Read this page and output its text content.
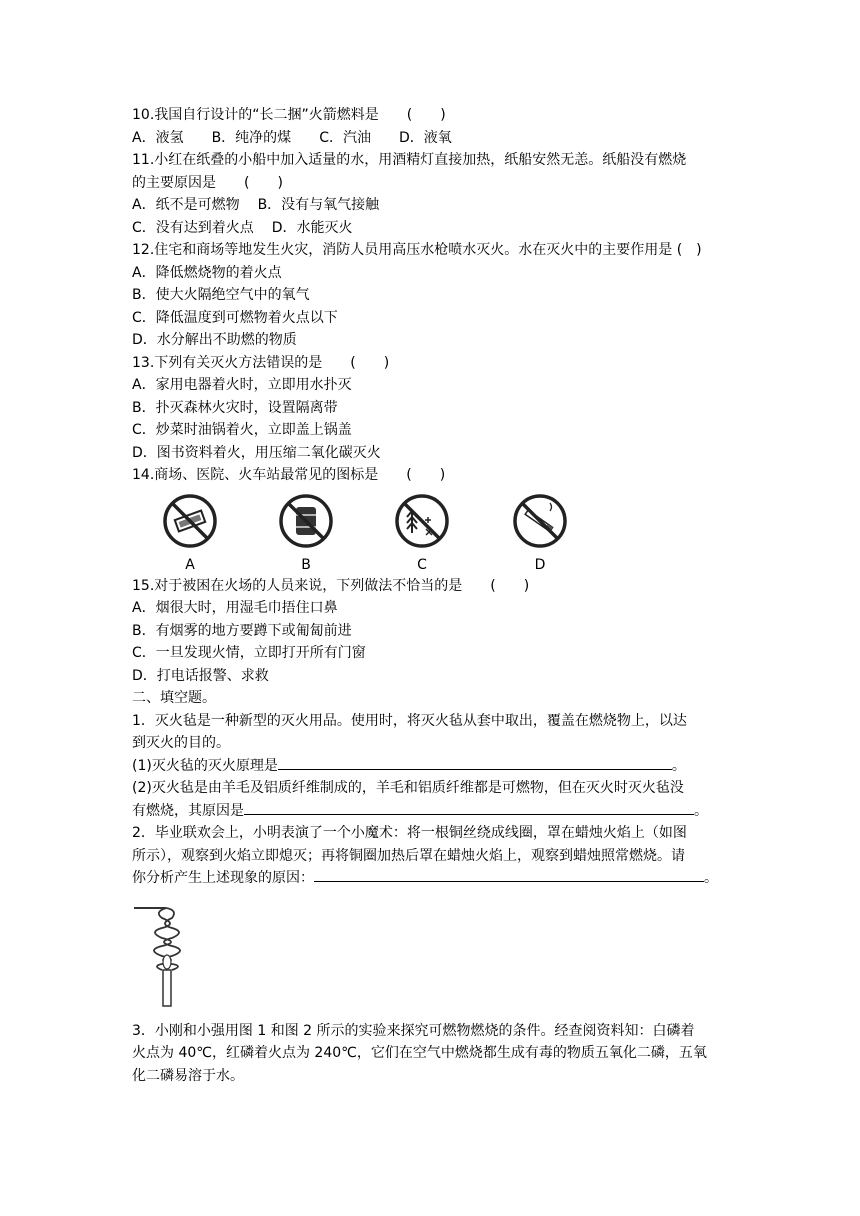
10.我国自行设计的“长二捆”火箭燃料是　　(　　)
A．液氢 B．纯净的煤 C．汽油 D．液氧
11.小红在纸叠的小船中加入适量的水，用酒精灯直接加热，纸船安然无恙。纸船没有燃烧
的主要原因是　　(　　)
A．纸不是可燃物 B．没有与氧气接触
C．没有达到着火点 D．水能灭火
12.住宅和商场等地发生火灾，消防人员用高压水枪喷水灭火。水在灭火中的主要作用是 (　)
A．降低燃烧物的着火点
B．使大火隔绝空气中的氧气
C．降低温度到可燃物着火点以下
D．水分解出不助燃的物质
13.下列有关灭火方法错误的是　　(　　)
A．家用电器着火时，立即用水扑灭
B．扑灭森林火灾时，设置隔离带
C．炒菜时油锅着火，立即盖上锅盖
D．图书资料着火，用压缩二氧化碳灭火
14.商场、医院、火车站最常见的图标是　　(　　)
A	B	C	D
15.对于被困在火场的人员来说，下列做法不恰当的是　　(　　)
A．烟很大时，用湿毛巾捂住口鼻
B．有烟雾的地方要蹲下或匍匐前进
C．一旦发现火情，立即打开所有门窗
D．打电话报警、求救
二、填空题。
1．灭火毡是一种新型的灭火用品。使用时，将灭火毡从套中取出，覆盖在燃烧物上，以达
到灭火的目的。
(1)灭火毡的灭火原理是	。
(2)灭火毡是由羊毛及铝质纤维制成的，羊毛和铝质纤维都是可燃物，但在灭火时灭火毡没
有燃烧，其原因是	。
2．毕业联欢会上，小明表演了一个小魔术：将一根铜丝绕成线圈，罩在蜡烛火焰上（如图
所示），观察到火焰立即熄灭；再将铜圈加热后罩在蜡烛火焰上，观察到蜡烛照常燃烧。请
你分析产生上述现象的原因：	。
3．小刚和小强用图 1 和图 2 所示的实验来探究可燃物燃烧的条件。经查阅资料知：白磷着
火点为 40℃，红磷着火点为 240℃，它们在空气中燃烧都生成有毒的物质五氧化二磷，五氧
化二磷易溶于水。
